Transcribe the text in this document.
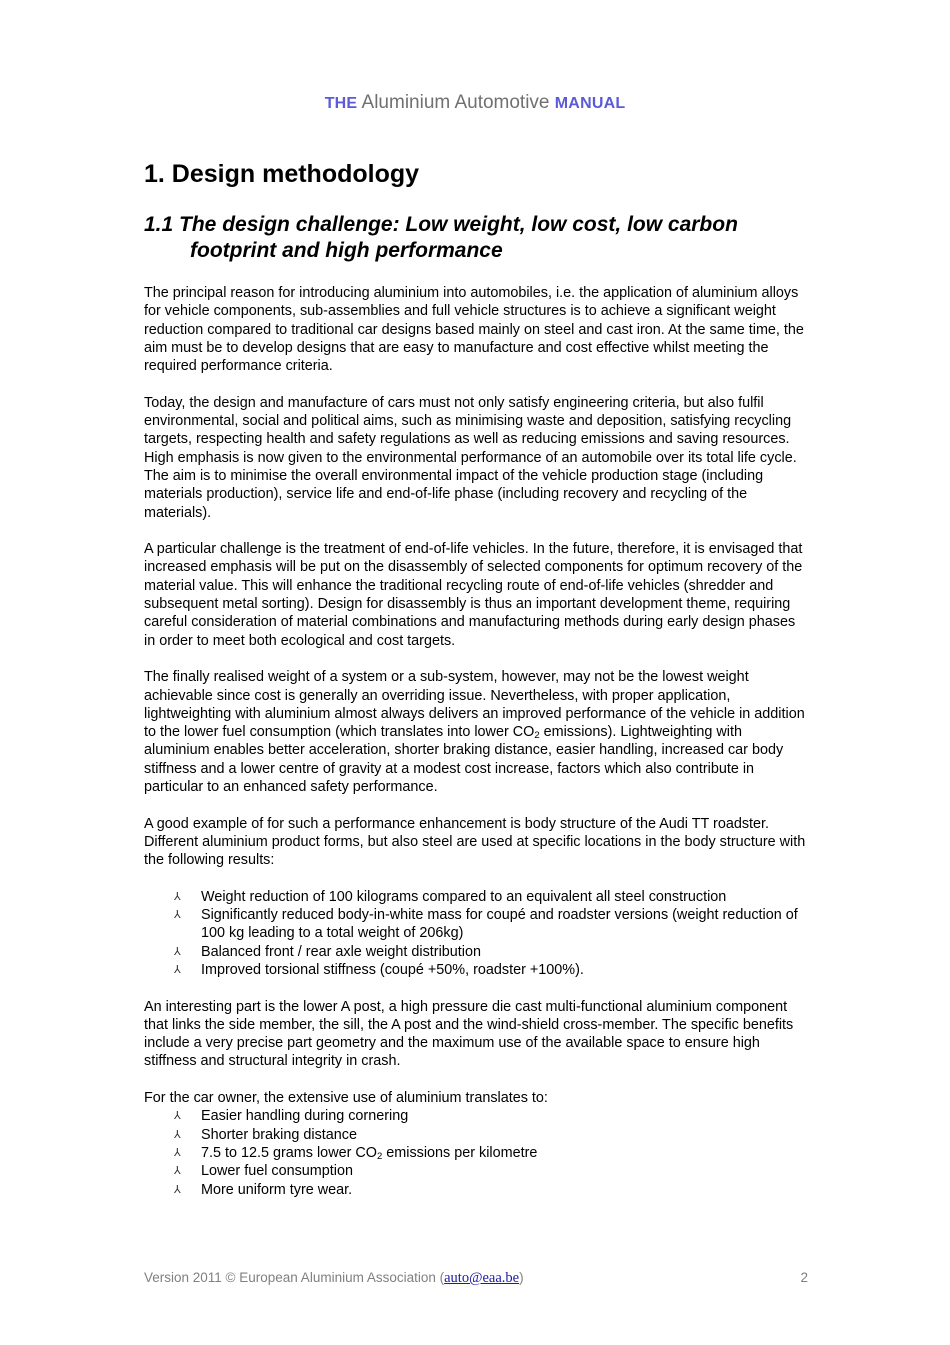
THE Aluminium Automotive MANUAL
1. Design methodology
1.1 The design challenge: Low weight, low cost, low carbon footprint and high performance

The principal reason for introducing aluminium into automobiles, i.e. the application of aluminium alloys for vehicle components, sub-assemblies and full vehicle structures is to achieve a significant weight reduction compared to traditional car designs based mainly on steel and cast iron. At the same time, the aim must be to develop designs that are easy to manufacture and cost effective whilst meeting the required performance criteria.

Today, the design and manufacture of cars must not only satisfy engineering criteria, but also fulfil environmental, social and political aims, such as minimising waste and deposition, satisfying recycling targets, respecting health and safety regulations as well as reducing emissions and saving resources. High emphasis is now given to the environmental performance of an automobile over its total life cycle. The aim is to minimise the overall environmental impact of the vehicle production stage (including materials production), service life and end-of-life phase (including recovery and recycling of the materials).

A particular challenge is the treatment of end-of-life vehicles. In the future, therefore, it is envisaged that increased emphasis will be put on the disassembly of selected components for optimum recovery of the material value. This will enhance the traditional recycling route of end-of-life vehicles (shredder and subsequent metal sorting). Design for disassembly is thus an important development theme, requiring careful consideration of material combinations and manufacturing methods during early design phases in order to meet both ecological and cost targets.

The finally realised weight of a system or a sub-system, however, may not be the lowest weight achievable since cost is generally an overriding issue. Nevertheless, with proper application, lightweighting with aluminium almost always delivers an improved performance of the vehicle in addition to the lower fuel consumption (which translates into lower $CO_2$ emissions). Lightweighting with aluminium enables better acceleration, shorter braking distance, easier handling, increased car body stiffness and a lower centre of gravity at a modest cost increase, factors which also contribute in particular to an enhanced safety performance.

A good example of for such a performance enhancement is body structure of the Audi TT roadster. Different aluminium product forms, but also steel are used at specific locations in the body structure with the following results:

⅄ Weight reduction of 100 kilograms compared to an equivalent all steel construction
⅄ Significantly reduced body-in-white mass for coupé and roadster versions (weight reduction of 100 kg leading to a total weight of 206kg)
⅄ Balanced front / rear axle weight distribution
⅄ Improved torsional stiffness (coupé +50%, roadster +100%).

An interesting part is the lower A post, a high pressure die cast multi-functional aluminium component that links the side member, the sill, the A post and the wind-shield cross-member. The specific benefits include a very precise part geometry and the maximum use of the available space to ensure high stiffness and structural integrity in crash.

For the car owner, the extensive use of aluminium translates to:

⅄ Easier handling during cornering
⅄ Shorter braking distance
⅄ 7.5 to 12.5 grams lower $CO_2$ emissions per kilometre
⅄ Lower fuel consumption
⅄ More uniform tyre wear.
Version 2011 © European Aluminium Association (auto@eaa.be)	2
